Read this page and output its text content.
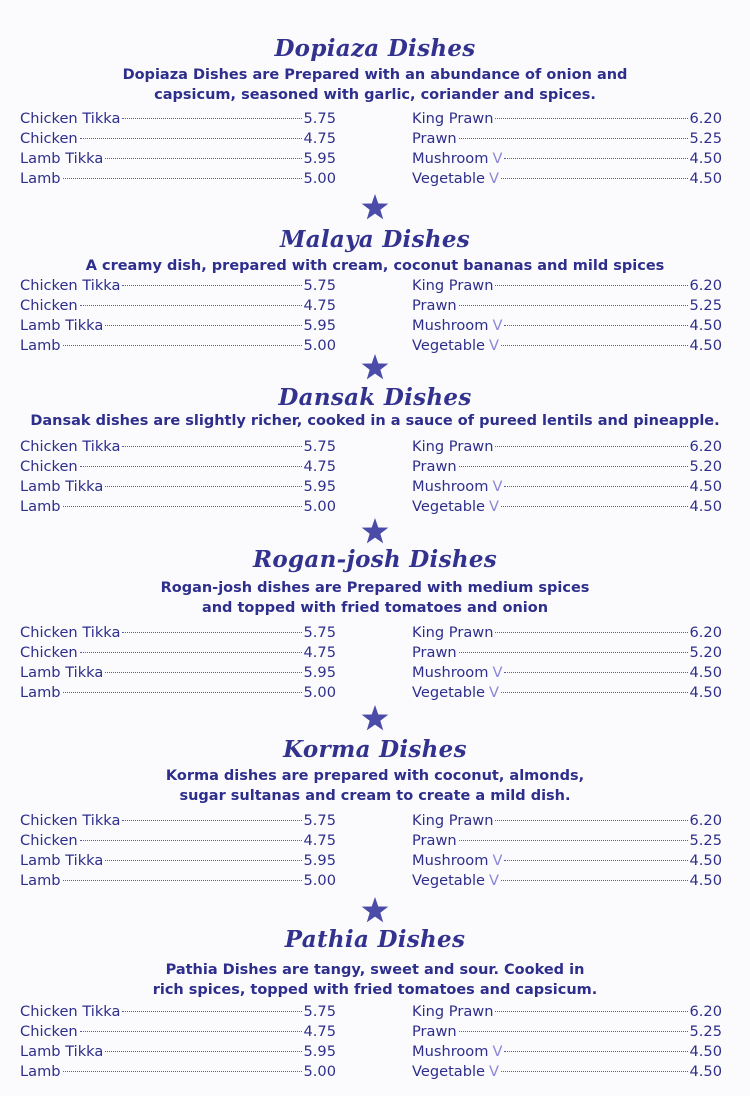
Dopiaza Dishes
Dopiaza Dishes are Prepared with an abundance of onion and
capsicum, seasoned with garlic, coriander and spices.
Chicken Tikka	5.75
Chicken	4.75
Lamb Tikka	5.95
Lamb	5.00
King Prawn	6.20
Prawn	5.25
Mushroom V	4.50
Vegetable V	4.50
Malaya Dishes
A creamy dish, prepared with cream, coconut bananas and mild spices
Chicken Tikka	5.75
Chicken	4.75
Lamb Tikka	5.95
Lamb	5.00
King Prawn	6.20
Prawn	5.25
Mushroom V	4.50
Vegetable V	4.50
Dansak Dishes
Dansak dishes are slightly richer, cooked in a sauce of pureed lentils and pineapple.
Chicken Tikka	5.75
Chicken	4.75
Lamb Tikka	5.95
Lamb	5.00
King Prawn	6.20
Prawn	5.20
Mushroom V	4.50
Vegetable V	4.50
Rogan-josh Dishes
Rogan-josh dishes are Prepared with medium spices
and topped with fried tomatoes and onion
Chicken Tikka	5.75
Chicken	4.75
Lamb Tikka	5.95
Lamb	5.00
King Prawn	6.20
Prawn	5.20
Mushroom V	4.50
Vegetable V	4.50
Korma Dishes
Korma dishes are prepared with coconut, almonds,
sugar sultanas and cream to create a mild dish.
Chicken Tikka	5.75
Chicken	4.75
Lamb Tikka	5.95
Lamb	5.00
King Prawn	6.20
Prawn	5.25
Mushroom V	4.50
Vegetable V	4.50
Pathia Dishes
Pathia Dishes are tangy, sweet and sour. Cooked in
rich spices, topped with fried tomatoes and capsicum.
Chicken Tikka	5.75
Chicken	4.75
Lamb Tikka	5.95
Lamb	5.00
King Prawn	6.20
Prawn	5.25
Mushroom V	4.50
Vegetable V	4.50
